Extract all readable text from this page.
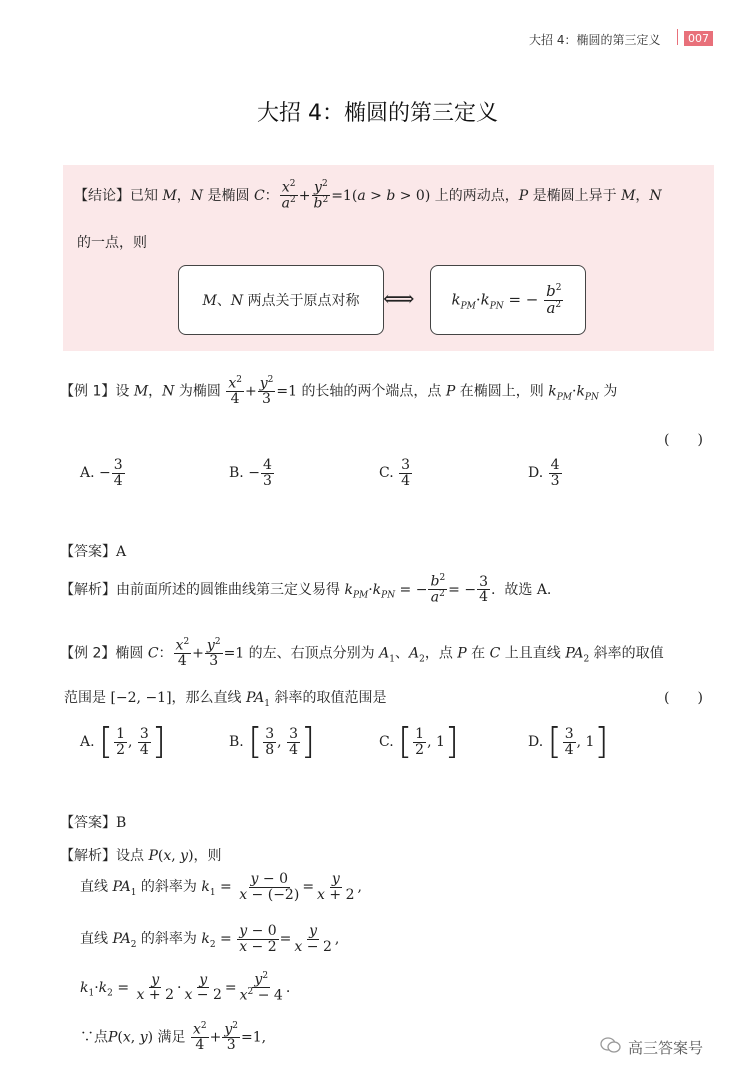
大招 4：椭圆的第三定义	007
大招 4：椭圆的第三定义
【结论】已知 M，N 是椭圆 C： $\frac{x^2}{a^2} + \frac{y^2}{b^2} =1(a > b > 0)$ 上的两动点，P 是椭圆上异于 M，N
的一点，则
M、N 两点关于原点对称 ⟺ $k_{PM}\cdot k_{PN}$ = − $\frac{b^2}{a^2}$
【例 1】设 M，N 为椭圆 $\frac{x^2}{4} + \frac{y^2}{3} =1$ 的长轴的两个端点，点 P 在椭圆上，则 $k_{PM}\cdot k_{PN}$ 为
(　　)
A.
− $\frac{3}{4}$	B.
− $\frac{4}{3}$	C.
$\frac{3}{4}$	D.
$\frac{4}{3}$
【答案】A
【解析】由前面所述的圆锥曲线第三定义易得 $k_{PM}\cdot k_{PN}$ = − $\frac{b^2}{a^2}$ = − $\frac{3}{4}$ .  故选 A.
【例 2】椭圆 C： $\frac{x^2}{4} + \frac{y^2}{3} =1$ 的左、右顶点分别为 $A_1$、$A_2$，点 P 在 C 上且直线 $PA_2$ 斜率的取值
范围是 [−2, −1]，那么直线 $PA_1$ 斜率的取值范围是	(　　)
A.
[ $\frac{1}{2}$ , $\frac{3}{4}$ ]	B.
[ $\frac{3}{8}$ , $\frac{3}{4}$ ]	C.
[ $\frac{1}{2}$ , 1 ]	D.
[ $\frac{3}{4}$ , 1 ]
【答案】B
【解析】设点 P(x, y)，则
直线 $PA_1$ 的斜率为 $k_1 = \frac{y - 0}{x - (-2)} = \frac{y}{x + 2}$ ,
直线 $PA_2$ 的斜率为 $k_2 = \frac{y - 0}{x - 2} = \frac{y}{x - 2}$ ,
$k_1\cdot k_2 = \frac{y}{x + 2} \cdot \frac{y}{x - 2} = \frac{y^2}{x^2 - 4}$ .
∵点P(x, y) 满足 $\frac{x^2}{4} + \frac{y^2}{3} =1$,
高三答案号
